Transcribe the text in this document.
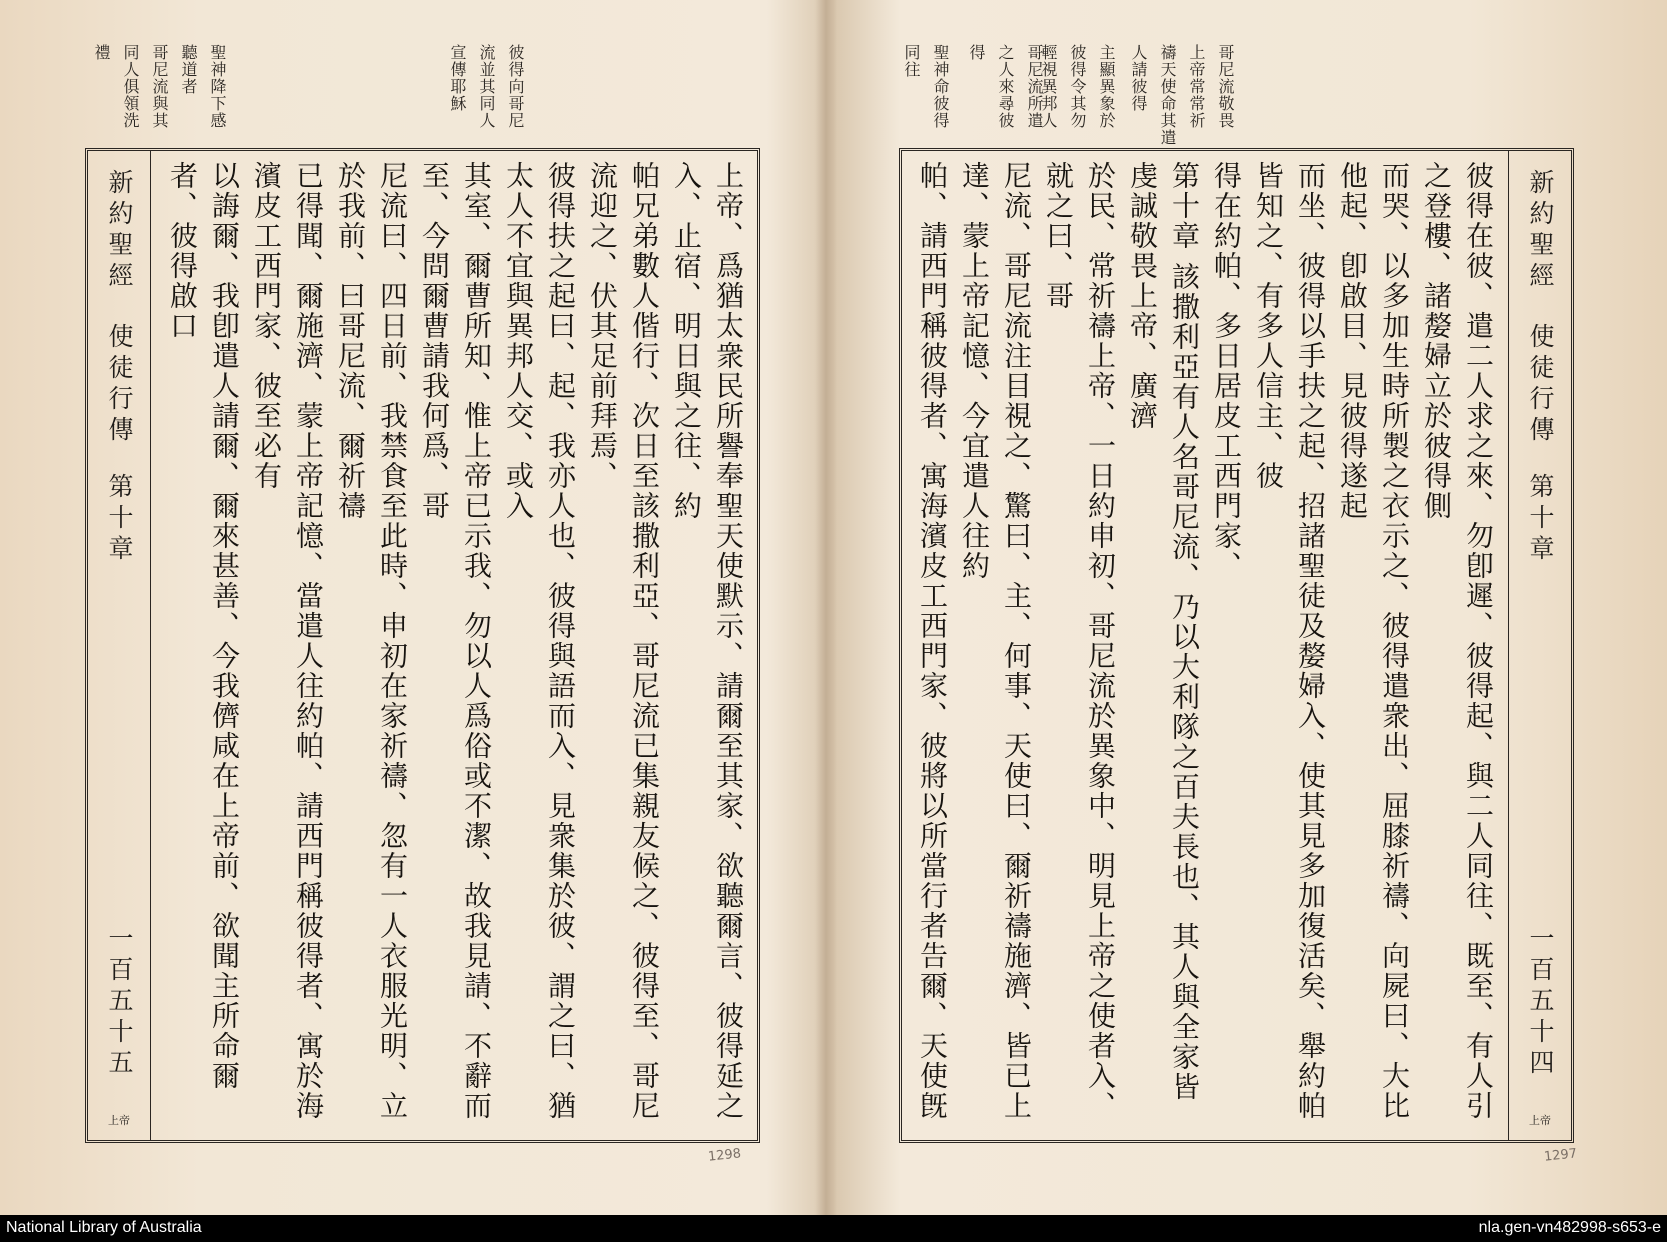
聖神降下感
聽道者
哥尼流與其
同人俱領洗
禮	彼得向哥尼
流並其同人
宣傳耶穌
新約聖經
使徒行傳
第十章
一百五十五
上帝	上帝、爲猶太衆民所譽奉聖天使默示、請爾至其家、欲聽爾言、彼得延之入、止宿、明日與之往、約
帕兄弟數人偕行、次日至該撒利亞、哥尼流已集親友候之、彼得至、哥尼流迎之、伏其足前拜焉、
彼得扶之起曰、起、我亦人也、彼得與語而入、見衆集於彼、謂之曰、猶太人不宜與異邦人交、或入
其室、爾曹所知、惟上帝已示我、勿以人爲俗或不潔、故我見請、不辭而至、今問爾曹請我何爲、哥
尼流曰、四日前、我禁食至此時、申初在家祈禱、忽有一人衣服光明、立於我前、曰哥尼流、爾祈禱
已得聞、爾施濟、蒙上帝記憶、當遣人往約帕、請西門稱彼得者、寓於海濱皮工西門家、彼至必有
以誨爾、我卽遣人請爾、爾來甚善、今我儕咸在上帝前、欲聞主所命爾者、彼得啟口
1298
聖神命彼得
同往	哥尼流所遣
之人來尋彼
得	主顯異象於
彼得令其勿
輕視異邦人	哥尼流敬畏
上帝常常祈
禱天使命其遣
人請彼得
彼得在彼、遣二人求之來、勿卽遲、彼得起、與二人同往、既至、有人引之登樓、諸嫠婦立於彼得側
而哭、以多加生時所製之衣示之、彼得遣衆出、屈膝祈禱、向屍曰、大比他起、卽啟目、見彼得遂起
而坐、彼得以手扶之起、招諸聖徒及嫠婦入、使其見多加復活矣、舉約帕皆知之、有多人信主、彼
得在約帕、多日居皮工西門家、
第十章 該撒利亞有人名哥尼流、乃以大利隊之百夫長也、其人與全家皆虔誠敬畏上帝、廣濟
於民、常祈禱上帝、一日約申初、哥尼流於異象中、明見上帝之使者入、就之曰、哥
尼流、哥尼流注目視之、驚曰、主、何事、天使曰、爾祈禱施濟、皆已上達、蒙上帝記憶、今宜遣人往約
帕、請西門稱彼得者、寓海濱皮工西門家、彼將以所當行者告爾、天使旣
新約聖經
使徒行傳
第十章
一百五十四
上帝
1297
National Library of Australia	nla.gen-vn482998-s653-e
